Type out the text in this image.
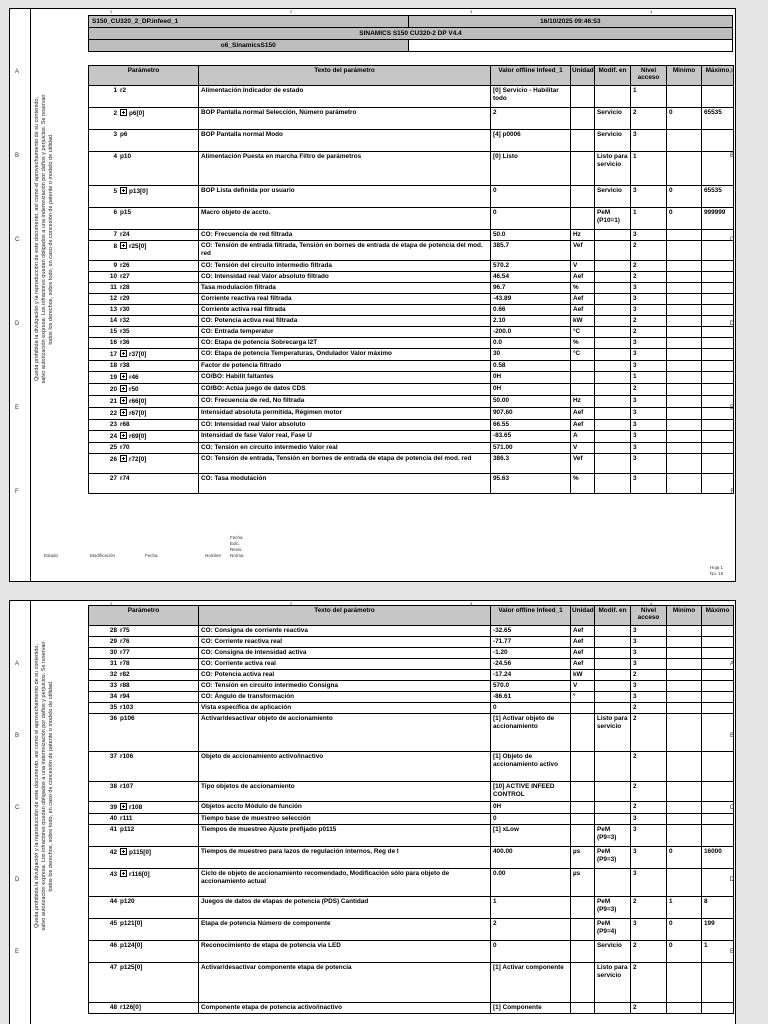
Queda prohibida la divulgación y la reproducción de este documento, así como el aprovechamiento de su contenido, salvo autorización expresa. Los infractores quedan obligados a una indemnización por daños y perjuicios. Se reservan todos los derechos, sobre todo, en caso de concesión de patente o modelo de utilidad.
S150_CU320_2_DP.infeed_1	16/10/2025 09:46:53
SINAMICS S150 CU320-2 DP V4.4	
o6_SinamicsS150	
Parámetro	Texto del parámetro	Valor offline Infeed_1	Unidad	Modif. en	Nivel acceso	Mínimo	Máximo
1 r2	Alimentación Indicador de estado	[0] Servicio - Habilitar todo			1		
2 p6[0]	BOP Pantalla normal Selección, Número parámetro	2		Servicio	2	0	65535
3 p6	BOP Pantalla normal Modo	[4] p0006		Servicio	3		
4 p10	Alimentación Puesta en marcha Filtro de parámetros	[0] Listo		Listo para servicio	1		
5 p13[0]	BOP Lista definida por usuario	0		Servicio	3	0	65535
6 p15	Macro objeto de accto.	0		PeM (P10=1)	1	0	999999
7 r24	CO: Frecuencia de red filtrada	50.0	Hz		3		
8 r25[0]	CO: Tensión de entrada filtrada, Tensión en bornes de entrada de etapa de potencia del mod. red	385.7	Vef		2		
9 r26	CO: Tensión del circuito intermedio filtrada	570.2	V		2		
10 r27	CO: Intensidad real Valor absoluto filtrado	46.54	Aef		2		
11 r28	Tasa modulación filtrada	96.7	%		3		
12 r29	Corriente reactiva real filtrada	-43.89	Aef		3		
13 r30	Corriente activa real filtrada	0.66	Aef		3		
14 r32	CO: Potencia activa real filtrada	2.10	kW		2		
15 r35	CO: Entrada temperatur	-200.0	°C		2		
16 r36	CO: Etapa de potencia Sobrecarga I2T	0.0	%		3		
17 r37[0]	CO: Etapa de potencia Temperaturas, Ondulador Valor máximo	30	°C		3		
18 r38	Factor de potencia filtrado	0.58			3		
19 r46	CO/BO: Habilit faltantes	0H			1		
20 r50	CO/BO: Actúa juego de datos CDS	0H			2		
21 r66[0]	CO: Frecuencia de red, No filtrada	50.00	Hz		3		
22 r67[0]	Intensidad absoluta permitida, Régimen motor	907.60	Aef		3		
23 r68	CO: Intensidad real Valor absoluto	66.55	Aef		3		
24 r69[0]	Intensidad de fase Valor real, Fase U	-83.65	A		3		
25 r70	CO: Tensión en circuito intermedio Valor real	571.00	V		3		
26 r72[0]	CO: Tensión de entrada, Tensión en bornes de entrada de etapa de potencia del mod. red	386.3	Vef		3		
27 r74	CO: Tasa modulación	95.63	%		3		
Estado	Modificación	Fecha	Nombre Norma
Fecha
Edic.
Revis.
Hoja 1
No. 10
A	A
B	B
C	C
D	D
E	E
F	F
1	2	3	4
Queda prohibida la divulgación y la reproducción de este documento, así como el aprovechamiento de su contenido, salvo autorización expresa. Los infractores quedan obligados a una indemnización por daños y perjuicios. Se reservan todos los derechos, sobre todo, en caso de concesión de patente o modelo de utilidad.
Parámetro	Texto del parámetro	Valor offline Infeed_1	Unidad	Modif. en	Nivel acceso	Mínimo	Máximo
28 r75	CO: Consigna de corriente reactiva	-32.65	Aef		3		
29 r76	CO: Corriente reactiva real	-71.77	Aef		3		
30 r77	CO: Consigna de intensidad activa	-1.20	Aef		3		
31 r78	CO: Corriente activa real	-24.56	Aef		3		
32 r82	CO: Potencia activa real	-17.24	kW		2		
33 r88	CO: Tensión en circuito intermedio Consigna	570.0	V		3		
34 r94	CO: Ángulo de transformación	-86.61	°		3		
35 r103	Vista específica de aplicación	0			2		
36 p106	Activar/desactivar objeto de accionamiento	[1] Activar objeto de accionamiento		Listo para servicio	2		
37 r106	Objeto de accionamiento activo/inactivo	[1] Objeto de accionamiento activo			2		
38 r107	Tipo objetos de accionamiento	[10] ACTIVE INFEED CONTROL			2		
39 r108	Objetos accto Módulo de función	0H			2		
40 r111	Tiempo base de muestreo selección	0			3		
41 p112	Tiempos de muestreo Ajuste prefijado p0115	[1] xLow		PeM (P9=3)	3		
42 p115[0]	Tiempos de muestreo para lazos de regulación internos, Reg de I	400.00	µs	PeM (P9=3)	3	0	16000
43 r116[0]	Ciclo de objeto de accionamiento recomendado, Modificación sólo para objeto de accionamiento actual	0.00	µs		3		
44 p120	Juegos de datos de etapas de potencia (PDS) Cantidad	1		PeM (P9=3)	2	1	8
45 p121[0]	Etapa de potencia Número de componente	2		PeM (P9=4)	3	0	199
46 p124[0]	Reconocimiento de etapa de potencia vía LED	0		Servicio	2	0	1
47 p125[0]	Activar/desactivar componente etapa de potencia	[1] Activar componente		Listo para servicio	2		
48 r126[0]	Componente etapa de potencia activo/inactivo	[1] Componente			2		
A	A
B	B
C	C
D	D
E	E
1	2	3	4
